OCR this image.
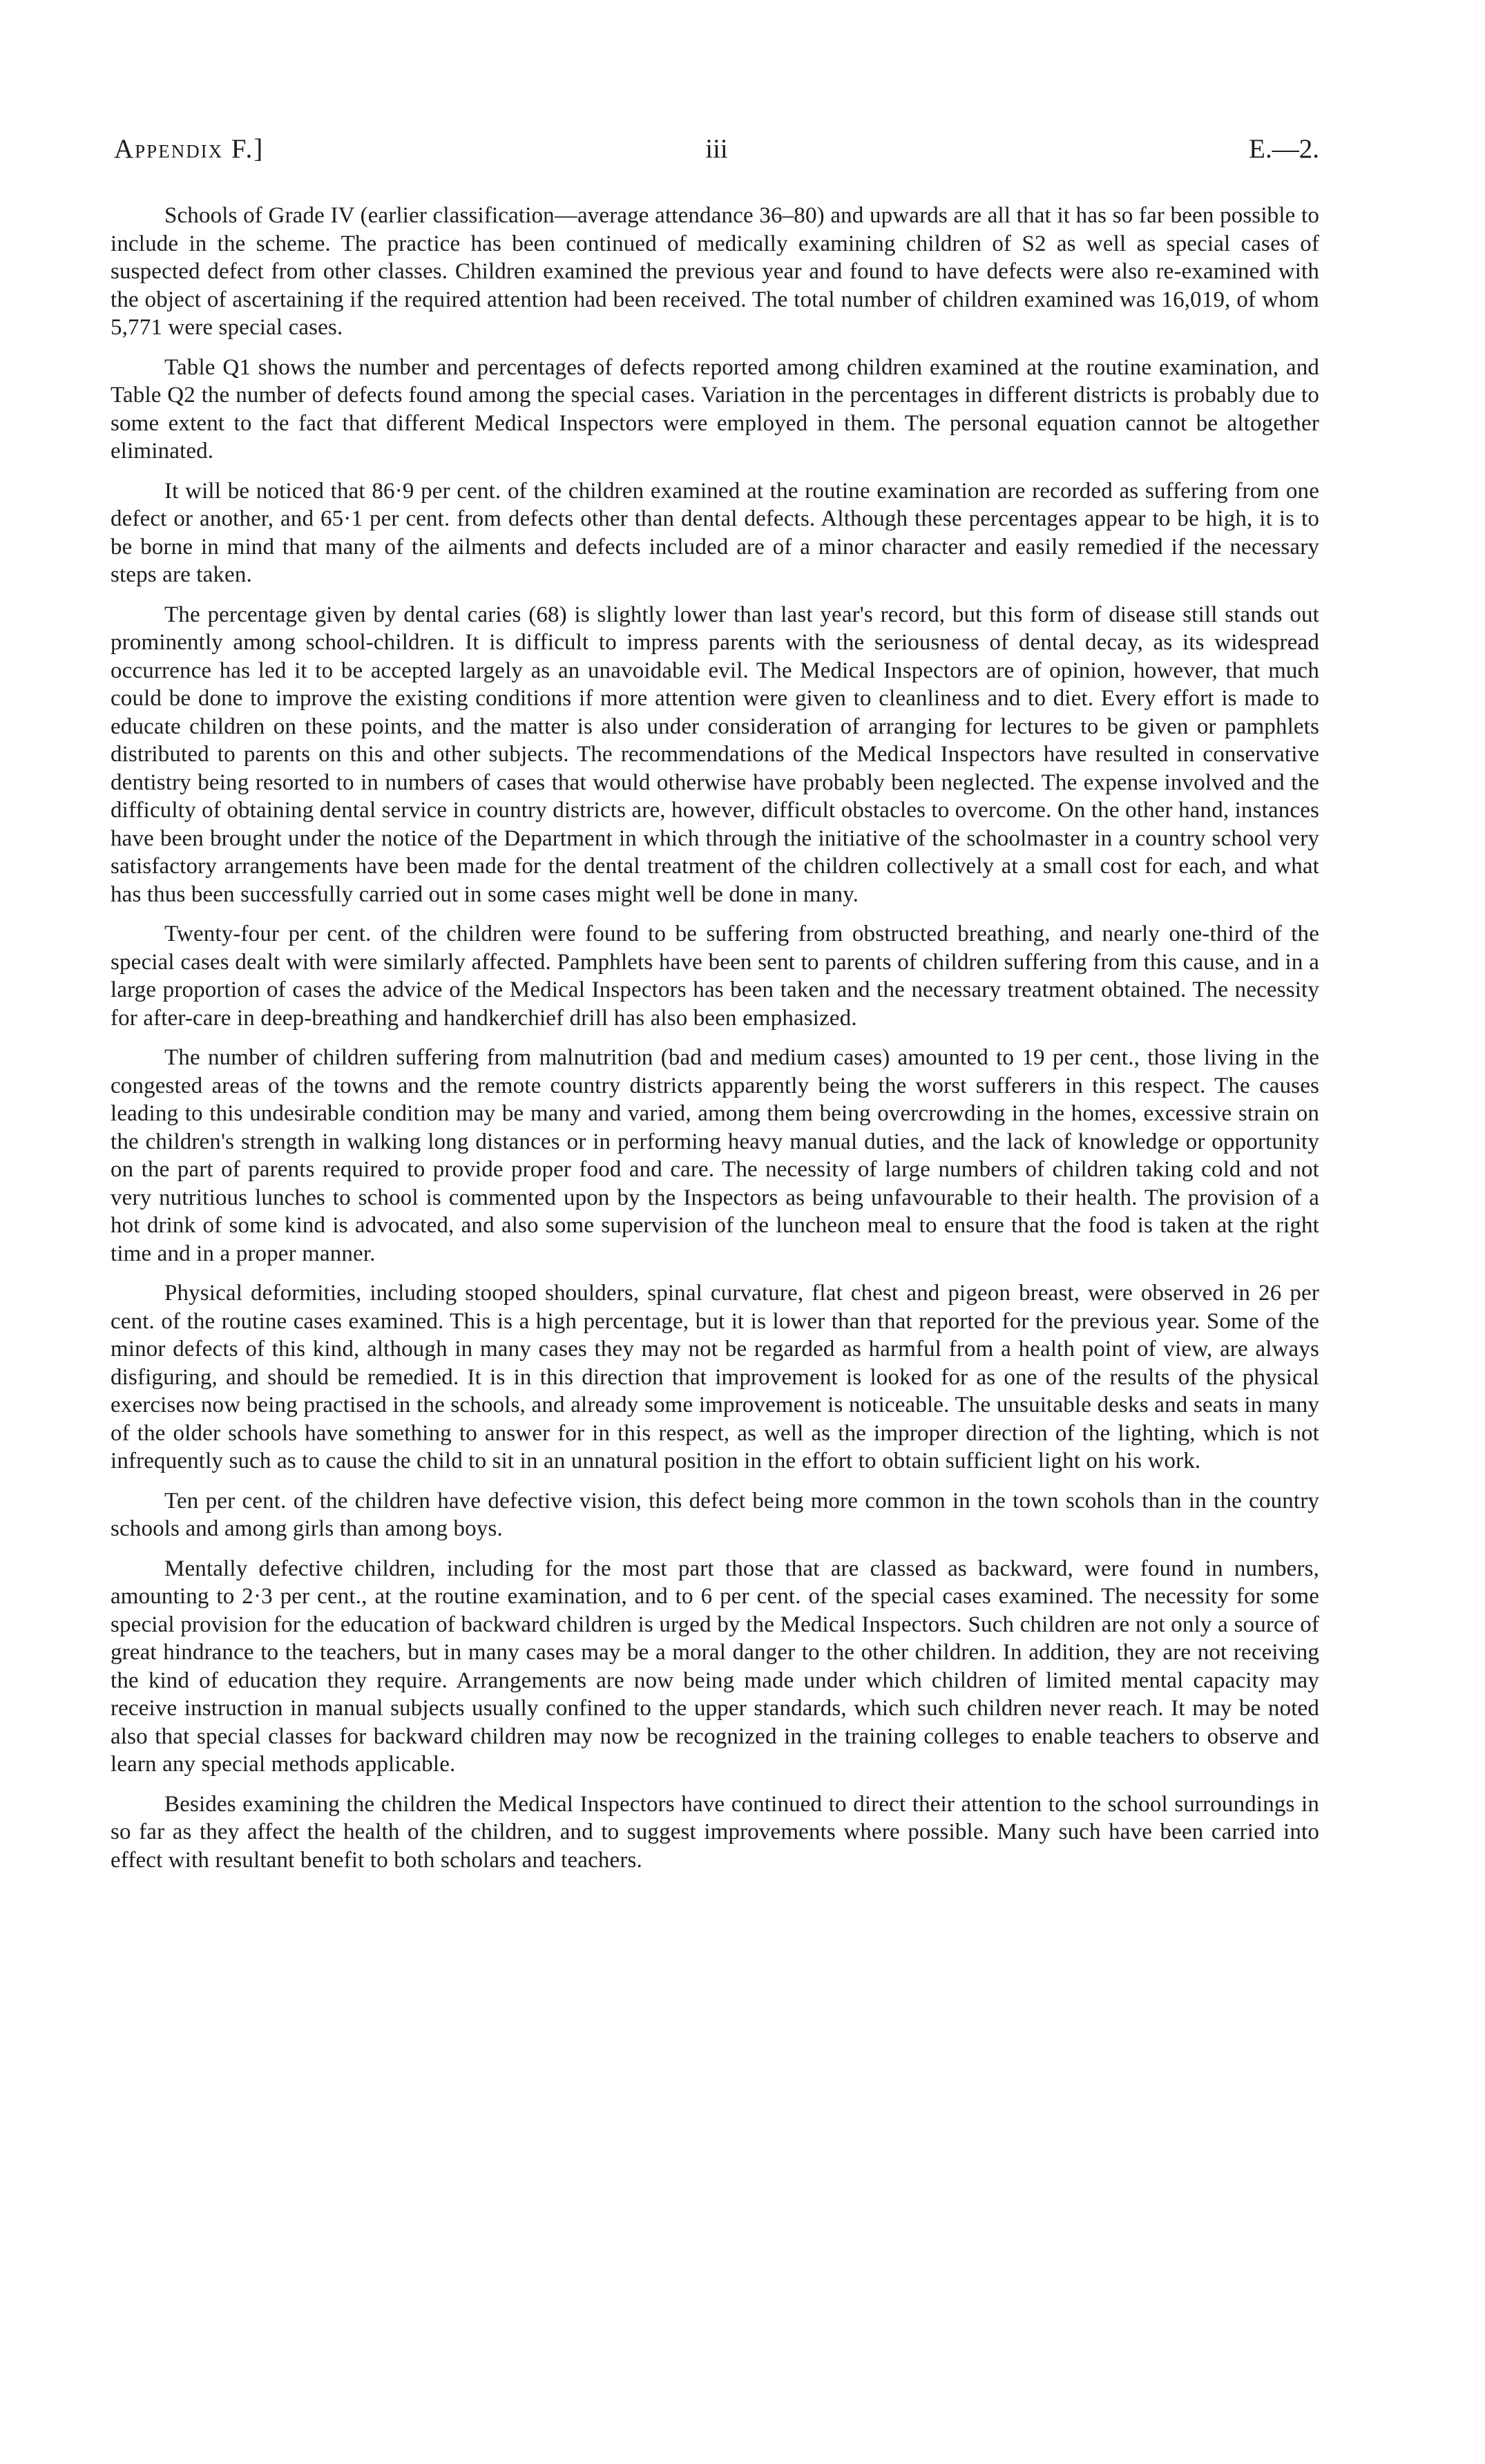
Appendix F.]	iii	E.—2.

Schools of Grade IV (earlier classification—average attendance 36–80) and upwards are all that it has so far been possible to include in the scheme. The practice has been continued of medically examining children of S2 as well as special cases of suspected defect from other classes. Children examined the previous year and found to have defects were also re-examined with the object of ascertaining if the required attention had been received. The total number of children examined was 16,019, of whom 5,771 were special cases.

Table Q1 shows the number and percentages of defects reported among children examined at the routine examination, and Table Q2 the number of defects found among the special cases. Variation in the percentages in different districts is probably due to some extent to the fact that different Medical Inspectors were employed in them. The personal equation cannot be altogether eliminated.

It will be noticed that 86·9 per cent. of the children examined at the routine examination are recorded as suffering from one defect or another, and 65·1 per cent. from defects other than dental defects. Although these percentages appear to be high, it is to be borne in mind that many of the ailments and defects included are of a minor character and easily remedied if the necessary steps are taken.

The percentage given by dental caries (68) is slightly lower than last year's record, but this form of disease still stands out prominently among school-children. It is difficult to impress parents with the seriousness of dental decay, as its widespread occurrence has led it to be accepted largely as an unavoidable evil. The Medical Inspectors are of opinion, however, that much could be done to improve the existing conditions if more attention were given to cleanliness and to diet. Every effort is made to educate children on these points, and the matter is also under consideration of arranging for lectures to be given or pamphlets distributed to parents on this and other subjects. The recommendations of the Medical Inspectors have resulted in conservative dentistry being resorted to in numbers of cases that would otherwise have probably been neglected. The expense involved and the difficulty of obtaining dental service in country districts are, however, difficult obstacles to overcome. On the other hand, instances have been brought under the notice of the Department in which through the initiative of the schoolmaster in a country school very satisfactory arrangements have been made for the dental treatment of the children collectively at a small cost for each, and what has thus been successfully carried out in some cases might well be done in many.

Twenty-four per cent. of the children were found to be suffering from obstructed breathing, and nearly one-third of the special cases dealt with were similarly affected. Pamphlets have been sent to parents of children suffering from this cause, and in a large proportion of cases the advice of the Medical Inspectors has been taken and the necessary treatment obtained. The necessity for after-care in deep-breathing and handkerchief drill has also been emphasized.

The number of children suffering from malnutrition (bad and medium cases) amounted to 19 per cent., those living in the congested areas of the towns and the remote country districts apparently being the worst sufferers in this respect. The causes leading to this undesirable condition may be many and varied, among them being overcrowding in the homes, excessive strain on the children's strength in walking long distances or in performing heavy manual duties, and the lack of knowledge or opportunity on the part of parents required to provide proper food and care. The necessity of large numbers of children taking cold and not very nutritious lunches to school is commented upon by the Inspectors as being unfavourable to their health. The provision of a hot drink of some kind is advocated, and also some supervision of the luncheon meal to ensure that the food is taken at the right time and in a proper manner.

Physical deformities, including stooped shoulders, spinal curvature, flat chest and pigeon breast, were observed in 26 per cent. of the routine cases examined. This is a high percentage, but it is lower than that reported for the previous year. Some of the minor defects of this kind, although in many cases they may not be regarded as harmful from a health point of view, are always disfiguring, and should be remedied. It is in this direction that improvement is looked for as one of the results of the physical exercises now being practised in the schools, and already some improvement is noticeable. The unsuitable desks and seats in many of the older schools have something to answer for in this respect, as well as the improper direction of the lighting, which is not infrequently such as to cause the child to sit in an unnatural position in the effort to obtain sufficient light on his work.

Ten per cent. of the children have defective vision, this defect being more common in the town scohols than in the country schools and among girls than among boys.

Mentally defective children, including for the most part those that are classed as backward, were found in numbers, amounting to 2·3 per cent., at the routine examination, and to 6 per cent. of the special cases examined. The necessity for some special provision for the education of backward children is urged by the Medical Inspectors. Such children are not only a source of great hindrance to the teachers, but in many cases may be a moral danger to the other children. In addition, they are not receiving the kind of education they require. Arrangements are now being made under which children of limited mental capacity may receive instruction in manual subjects usually confined to the upper standards, which such children never reach. It may be noted also that special classes for backward children may now be recognized in the training colleges to enable teachers to observe and learn any special methods applicable.

Besides examining the children the Medical Inspectors have continued to direct their attention to the school surroundings in so far as they affect the health of the children, and to suggest improvements where possible. Many such have been carried into effect with resultant benefit to both scholars and teachers.
